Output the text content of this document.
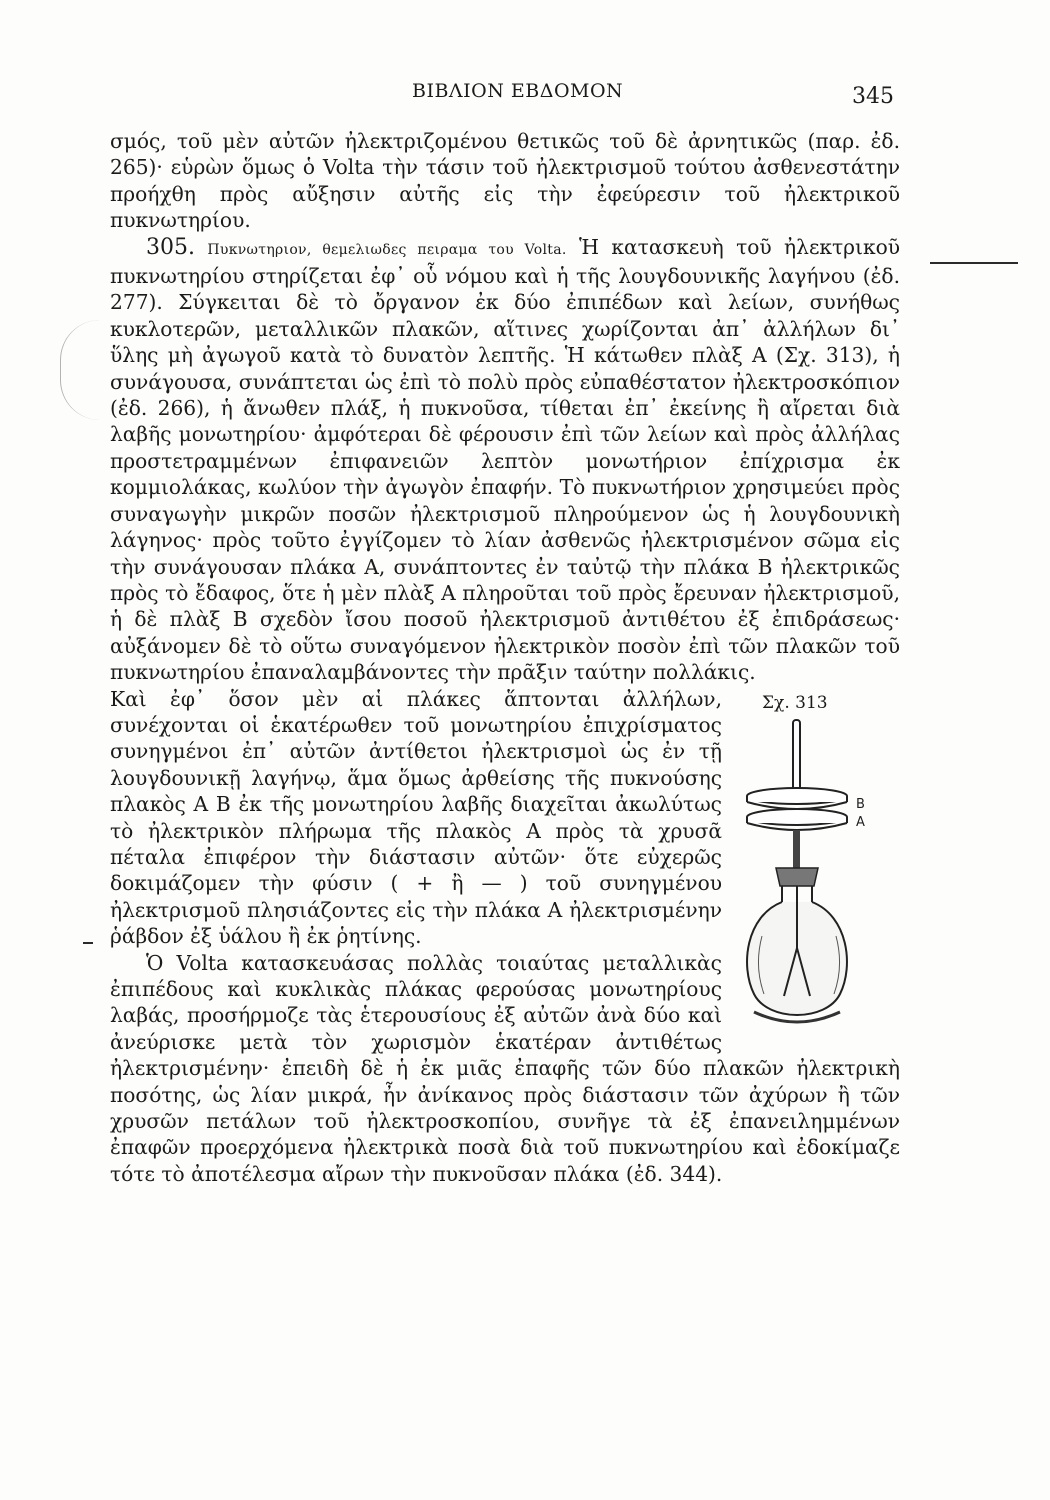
ΒΙΒΛΙΟΝ ΕΒΔΟΜΟΝ	345

σμός, τοῦ μὲν αὐτῶν ἠλεκτριζομένου θετικῶς τοῦ δὲ ἀρνητικῶς (παρ. ἐδ. 265)· εὑρὼν ὅμως ὁ Volta τὴν τάσιν τοῦ ἠλεκτρισμοῦ τούτου ἀσθενεστάτην προήχθη πρὸς αὔξησιν αὐτῆς εἰς τὴν ἐφεύρεσιν τοῦ ἠλεκτρικοῦ πυκνωτηρίου.

305. Πυκνωτηριον, θεμελιωδες πειραμα του Volta. Ἡ κατασκευὴ τοῦ ἠλεκτρικοῦ πυκνωτηρίου στηρίζεται ἐφ᾽ οὗ νόμου καὶ ἡ τῆς λουγδουνικῆς λαγήνου (ἐδ. 277). Σύγκειται δὲ τὸ ὄργανον ἐκ δύο ἐπιπέδων καὶ λείων, συνήθως κυκλοτερῶν, μεταλλικῶν πλακῶν, αἵτινες χωρίζονται ἀπ᾽ ἀλλήλων δι᾽ ὕλης μὴ ἀγωγοῦ κατὰ τὸ δυνατὸν λεπτῆς. Ἡ κάτωθεν πλὰξ Α (Σχ. 313), ἡ συνάγουσα, συνάπτεται ὡς ἐπὶ τὸ πολὺ πρὸς εὐπαθέστατον ἠλεκτροσκόπιον (ἐδ. 266), ἡ ἄνωθεν πλάξ, ἡ πυκνοῦσα, τίθεται ἐπ᾽ ἐκείνης ἢ αἴρεται διὰ λαβῆς μονωτηρίου· ἀμφότεραι δὲ φέρουσιν ἐπὶ τῶν λείων καὶ πρὸς ἀλλήλας προστετραμμένων ἐπιφανειῶν λεπτὸν μονωτήριον ἐπίχρισμα ἐκ κομμιολάκας, κωλύον τὴν ἀγωγὸν ἐπαφήν. Τὸ πυκνωτήριον χρησιμεύει πρὸς συναγωγὴν μικρῶν ποσῶν ἠλεκτρισμοῦ πληρούμενον ὡς ἡ λουγδουνικὴ λάγηνος· πρὸς τοῦτο ἐγγίζομεν τὸ λίαν ἀσθενῶς ἠλεκτρισμένον σῶμα εἰς τὴν συνάγουσαν πλάκα Α, συνάπτοντες ἐν ταὐτῷ τὴν πλάκα Β ἠλεκτρικῶς πρὸς τὸ ἔδαφος, ὅτε ἡ μὲν πλὰξ Α πληροῦται τοῦ πρὸς ἔρευναν ἠλεκτρισμοῦ, ἡ δὲ πλὰξ Β σχεδὸν ἴσου ποσοῦ ἠλεκτρισμοῦ ἀντιθέτου ἐξ ἐπιδράσεως· αὐξάνομεν δὲ τὸ οὕτω συναγόμενον ἠλεκτρικὸν ποσὸν ἐπὶ τῶν πλακῶν τοῦ πυκνωτηρίου ἐπαναλαμβάνοντες τὴν πρᾶξιν ταύτην πολλάκις.

Σχ. 313
B
A

Καὶ ἐφ᾽ ὅσον μὲν αἱ πλάκες ἅπτονται ἀλλήλων, συνέχονται οἱ ἑκατέρωθεν τοῦ μονωτηρίου ἐπιχρίσματος συνηγμένοι ἐπ᾽ αὐτῶν ἀντίθετοι ἠλεκτρισμοὶ ὡς ἐν τῇ λουγδουνικῇ λαγήνῳ, ἅμα ὅμως ἀρθείσης τῆς πυκνούσης πλακὸς Α Β ἐκ τῆς μονωτηρίου λαβῆς διαχεῖται ἀκωλύτως τὸ ἠλεκτρικὸν πλήρωμα τῆς πλακὸς Α πρὸς τὰ χρυσᾶ πέταλα ἐπιφέρον τὴν διάστασιν αὐτῶν· ὅτε εὐχερῶς δοκιμάζομεν τὴν φύσιν ( + ἢ — ) τοῦ συνηγμένου ἠλεκτρισμοῦ πλησιάζοντες εἰς τὴν πλάκα Α ἠλεκτρισμένην ῥάβδον ἐξ ὑάλου ἢ ἐκ ῥητίνης.

Ὁ Volta κατασκευάσας πολλὰς τοιαύτας μεταλλικὰς ἐπιπέδους καὶ κυκλικὰς πλάκας φερούσας μονωτηρίους λαβάς, προσήρμοζε τὰς ἑτερουσίους ἐξ αὐτῶν ἀνὰ δύο καὶ ἀνεύρισκε μετὰ τὸν χωρισμὸν ἑκατέραν ἀντιθέτως ἠλεκτρισμένην· ἐπειδὴ δὲ ἡ ἐκ μιᾶς ἐπαφῆς τῶν δύο πλακῶν ἠλεκτρικὴ ποσότης, ὡς λίαν μικρά, ἦν ἀνίκανος πρὸς διάστασιν τῶν ἀχύρων ἢ τῶν χρυσῶν πετάλων τοῦ ἠλεκτροσκοπίου, συνῆγε τὰ ἐξ ἐπανειλημμένων ἐπαφῶν προερχόμενα ἠλεκτρικὰ ποσὰ διὰ τοῦ πυκνωτηρίου καὶ ἐδοκίμαζε τότε τὸ ἀποτέλεσμα αἴρων τὴν πυκνοῦσαν πλάκα (ἐδ. 344).
